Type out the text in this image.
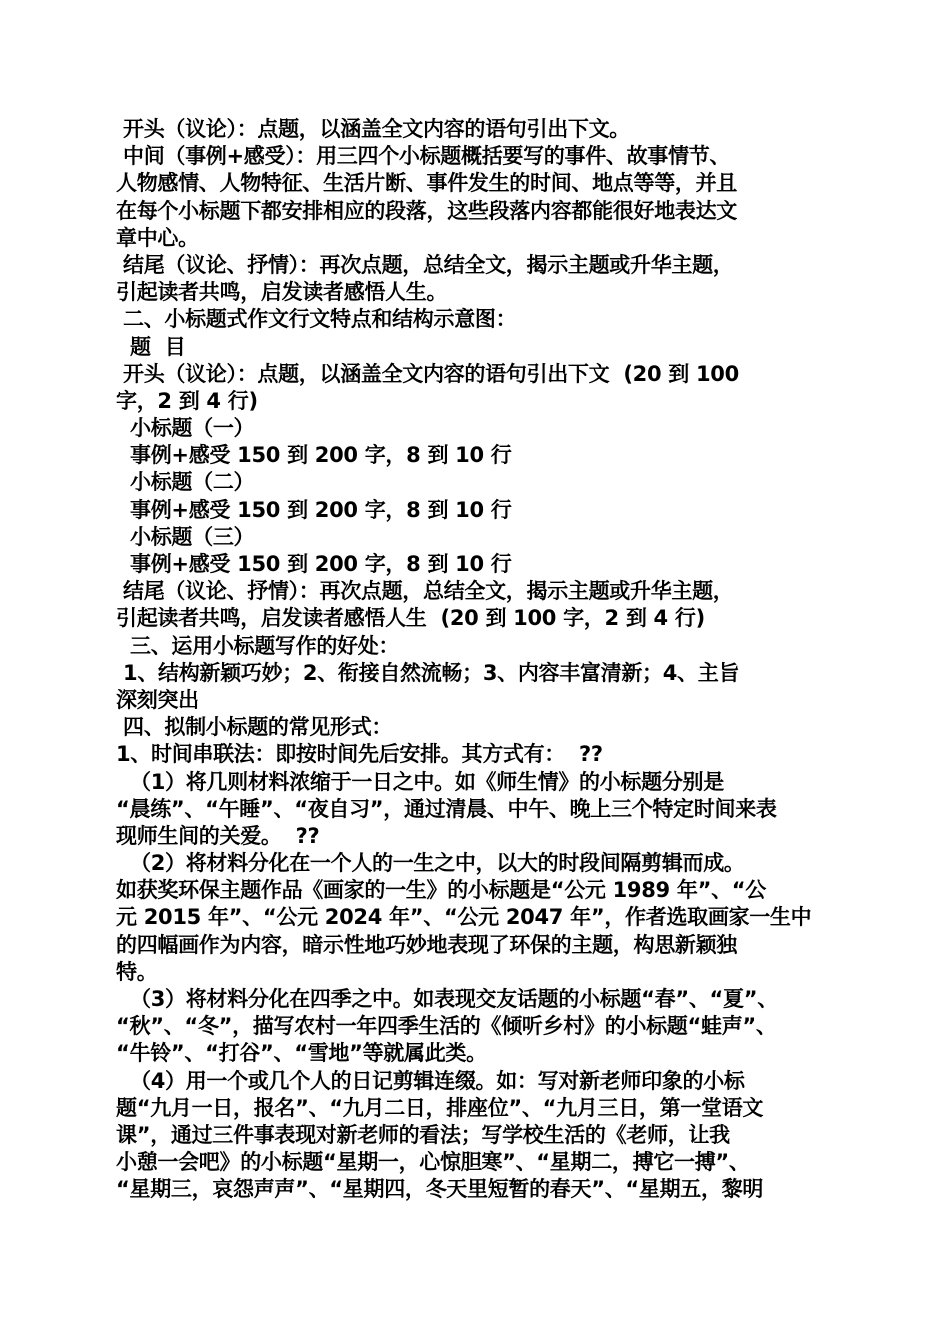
开头（议论）：点题，以涵盖全文内容的语句引出下文。
中间（事例+感受）：用三四个小标题概括要写的事件、故事情节、
人物感情、人物特征、生活片断、事件发生的时间、地点等等，并且
在每个小标题下都安排相应的段落，这些段落内容都能很好地表达文
章中心。
结尾（议论、抒情）：再次点题，总结全文，揭示主题或升华主题，
引起读者共鸣，启发读者感悟人生。
二、小标题式作文行文特点和结构示意图：
题  目
开头（议论）：点题，以涵盖全文内容的语句引出下文  (20 到 100
字，2 到 4 行)
小标题（一）
事例+感受 150 到 200 字，8 到 10 行
小标题（二）
事例+感受 150 到 200 字，8 到 10 行
小标题（三）
事例+感受 150 到 200 字，8 到 10 行
结尾（议论、抒情）：再次点题，总结全文，揭示主题或升华主题，
引起读者共鸣，启发读者感悟人生  (20 到 100 字，2 到 4 行)
三、运用小标题写作的好处：
1、结构新颖巧妙；2、衔接自然流畅；3、内容丰富清新；4、主旨
深刻突出
四、拟制小标题的常见形式：
1、时间串联法：即按时间先后安排。其方式有：  ??
（1）将几则材料浓缩于一日之中。如《师生情》的小标题分别是
“晨练”、“午睡”、“夜自习”，通过清晨、中午、晚上三个特定时间来表
现师生间的关爱。  ??
（2）将材料分化在一个人的一生之中，以大的时段间隔剪辑而成。
如获奖环保主题作品《画家的一生》的小标题是“公元 1989 年”、“公
元 2015 年”、“公元 2024 年”、“公元 2047 年”，作者选取画家一生中
的四幅画作为内容，暗示性地巧妙地表现了环保的主题，构思新颖独
特。
（3）将材料分化在四季之中。如表现交友话题的小标题“春”、“夏”、
“秋”、“冬”，描写农村一年四季生活的《倾听乡村》的小标题“蛙声”、
“牛铃”、“打谷”、“雪地”等就属此类。
（4）用一个或几个人的日记剪辑连缀。如：写对新老师印象的小标
题“九月一日，报名”、“九月二日，排座位”、“九月三日，第一堂语文
课”，通过三件事表现对新老师的看法；写学校生活的《老师，让我
小憩一会吧》的小标题“星期一，心惊胆寒”、“星期二，搏它一搏”、
“星期三，哀怨声声”、“星期四，冬天里短暂的春天”、“星期五，黎明
